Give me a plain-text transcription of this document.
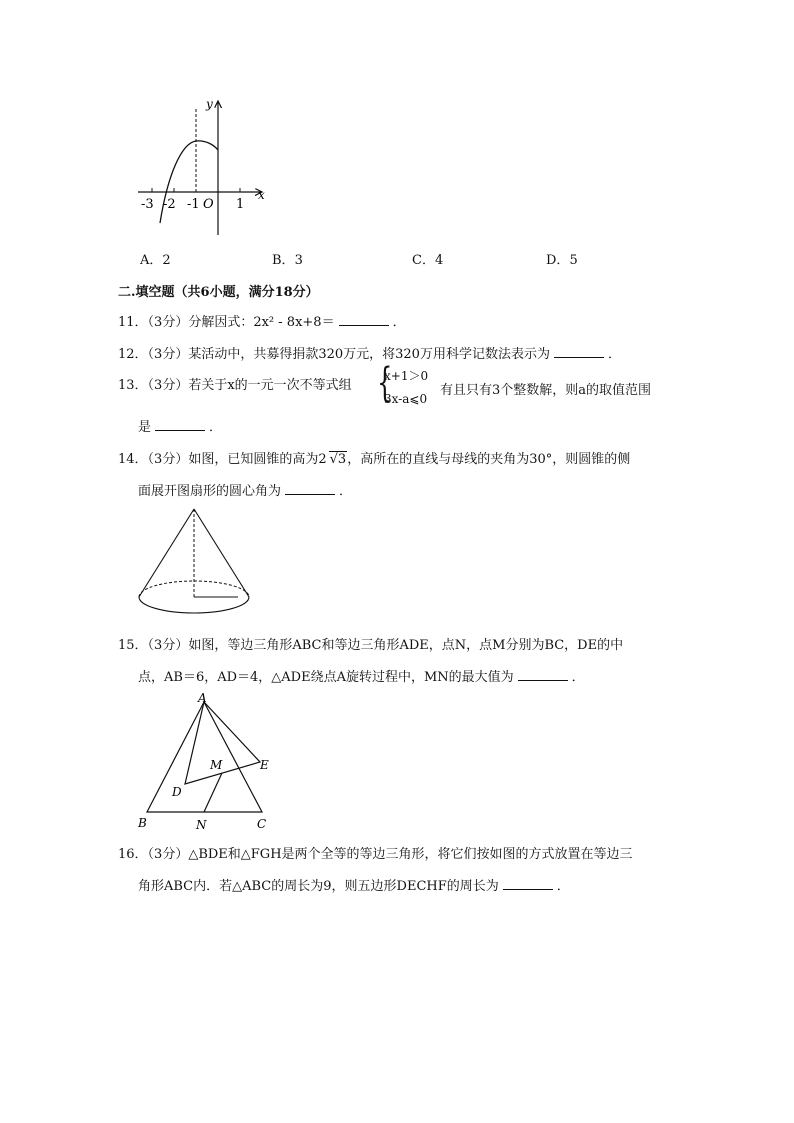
y
x
-3 -2 -1 O 1
A．2	B．3	C．4	D．5
二.填空题（共6小题，满分18分）
11．（3分）分解因式：2x² - 8x+8＝	．
12．（3分）某活动中，共募得捐款320万元，将320万用科学记数法表示为	．
13．（3分）若关于x的一元一次不等式组 {
x+1＞0
3x-a⩽0
有且只有3个整数解，则a的取值范围
是	．
14．（3分）如图，已知圆锥的高为2 √3，高所在的直线与母线的夹角为30°，则圆锥的侧
面展开图扇形的圆心角为	．
15．（3分）如图，等边三角形ABC和等边三角形ADE，点N，点M分别为BC，DE的中
点，AB＝6，AD＝4，△ADE绕点A旋转过程中，MN的最大值为	．
A
B	C
D
E
M
N
16．（3分）△BDE和△FGH是两个全等的等边三角形，将它们按如图的方式放置在等边三
角形ABC内．若△ABC的周长为9，则五边形DECHF的周长为	．
